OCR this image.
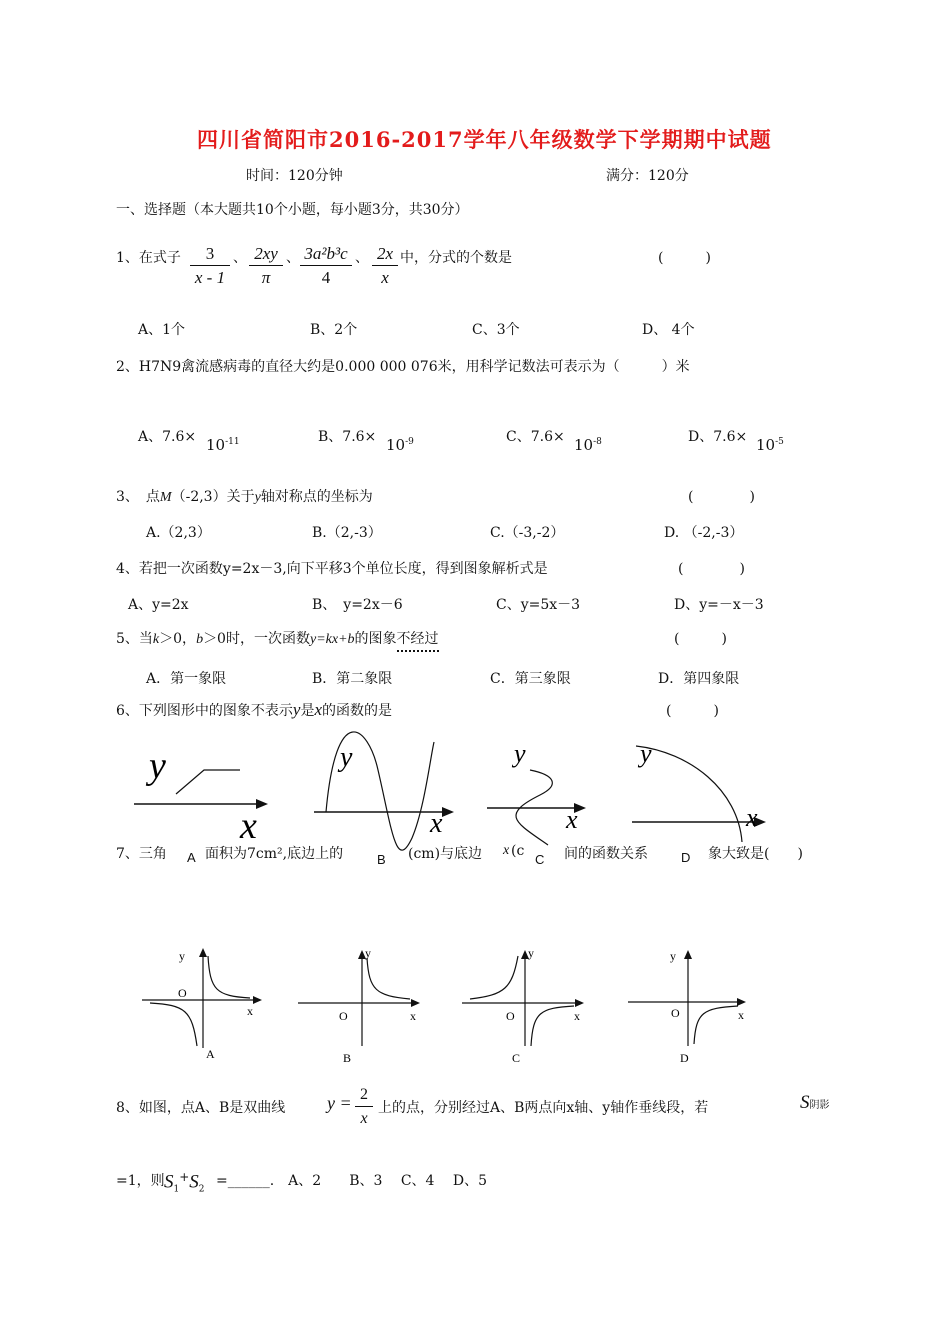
四川省简阳市2016-2017学年八年级数学下学期期中试题
时间：120分钟	满分：120分
一、选择题（本大题共10个小题，每小题3分，共30分）
1、在式子 $\frac{3}{x - 1}$ 、 $\frac{2xy}{\pi}$ 、 $\frac{\text{3a²b³c}}{4}$ 、 $\frac{2x}{x}$ 中，分式的个数是	(　　　)
A、1个	B、2个	C、3个	D、 4个
2、H7N9禽流感病毒的直径大约是0.000 000 076米，用科学记数法可表示为（　　　）米
A、$7.6\times 10^{-11}$	B、$7.6\times 10^{-9}$	C、$7.6\times 10^{-8}$	D、$7.6\times 10^{-5}$
3、　点M（-2,3）关于y轴对称点的坐标为	(　　　　)
A.（2,3）	B.（2,-3）	C.（-3,-2）	D. （-2,-3）
4、若把一次函数y=2x－3,向下平移3个单位长度，得到图象解析式是	(　　　　)
A、y=2x	B、　y=2x－6	C、y=5x－3	D、y=－x－3
5、当k＞0，b＞0时，一次函数y=kx+b的图象不经过	(　　　)
A．第一象限	B．第二象限	C．第三象限	D．第四象限
6、下列图形中的图象不表示y是x的函数的是	(　　　)
y
x
y
x
y
x
y
x
7、三角	面积为7cm²,底边上的	(cm)与底边 x (c	间的函数关系	象大致是(　　)
A	B	C	D
y
O
x
A
y
O	x
B
y
O	x
C
y
O	x
D
8、如图，点A、B是双曲线 $y = \frac{2}{x}$ 上的点，分别经过A、B两点向x轴、y轴作垂线段，若	S阴影
=1，则 $S_1^+S_2$
=______.　A、2　　B、3　 C、4　 D、5
